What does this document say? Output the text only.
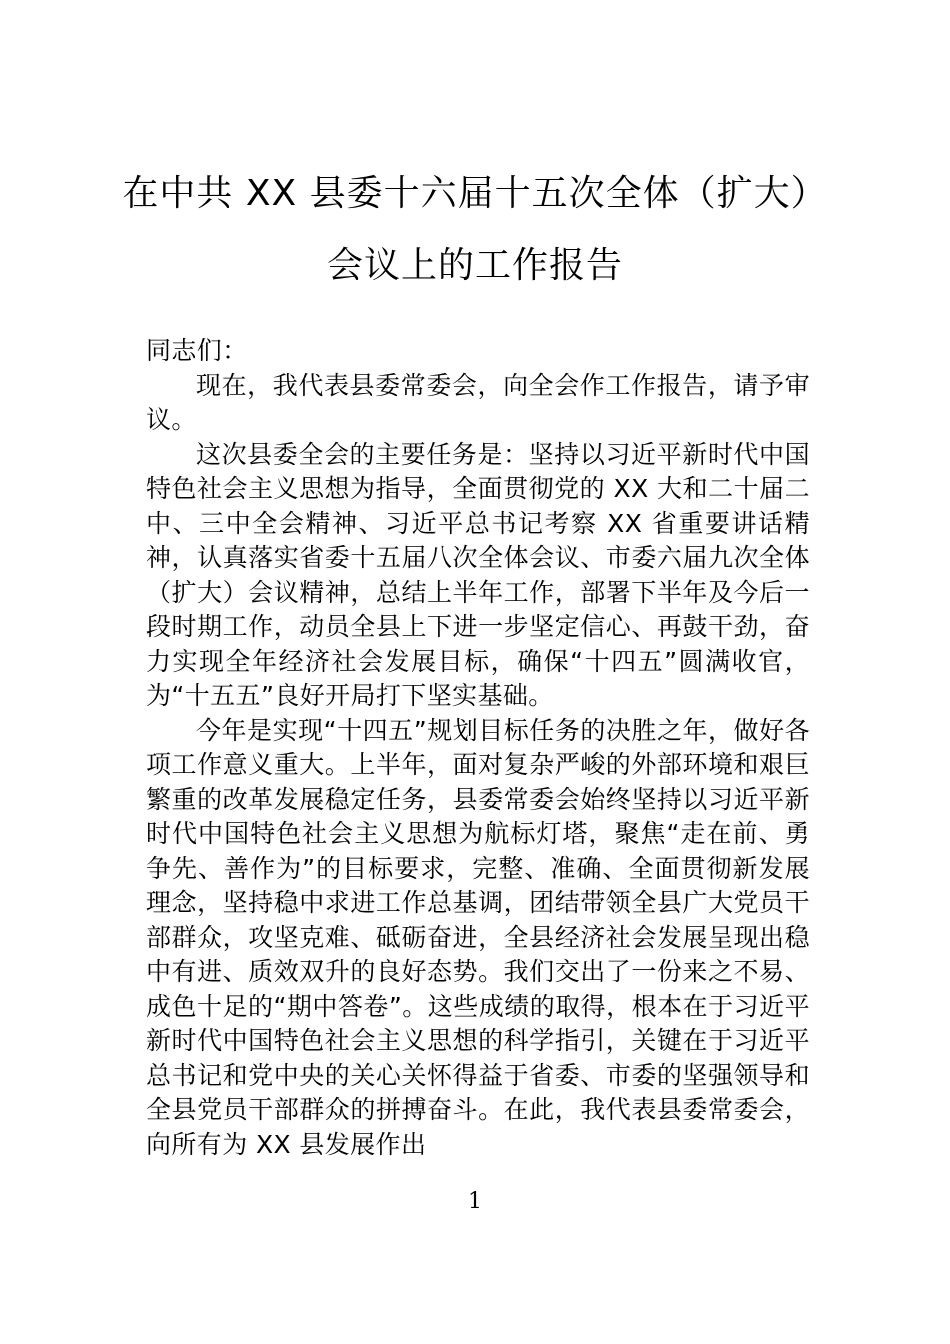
在中共 XX 县委十六届十五次全体（扩大）
会议上的工作报告

同志们：

现在，我代表县委常委会，向全会作工作报告，请予审议。

这次县委全会的主要任务是：坚持以习近平新时代中国特色社会主义思想为指导，全面贯彻党的 XX 大和二十届二中、三中全会精神、习近平总书记考察 XX 省重要讲话精神，认真落实省委十五届八次全体会议、市委六届九次全体（扩大）会议精神，总结上半年工作，部署下半年及今后一段时期工作，动员全县上下进一步坚定信心、再鼓干劲，奋力实现全年经济社会发展目标，确保“十四五”圆满收官，为“十五五”良好开局打下坚实基础。

今年是实现“十四五”规划目标任务的决胜之年，做好各项工作意义重大。上半年，面对复杂严峻的外部环境和艰巨繁重的改革发展稳定任务，县委常委会始终坚持以习近平新时代中国特色社会主义思想为航标灯塔，聚焦“走在前、勇争先、善作为”的目标要求，完整、准确、全面贯彻新发展理念，坚持稳中求进工作总基调，团结带领全县广大党员干部群众，攻坚克难、砥砺奋进，全县经济社会发展呈现出稳中有进、质效双升的良好态势。我们交出了一份来之不易、成色十足的“期中答卷”。这些成绩的取得，根本在于习近平新时代中国特色社会主义思想的科学指引，关键在于习近平总书记和党中央的关心关怀得益于省委、市委的坚强领导和全县党员干部群众的拼搏奋斗。在此，我代表县委常委会，向所有为 XX 县发展作出

1
